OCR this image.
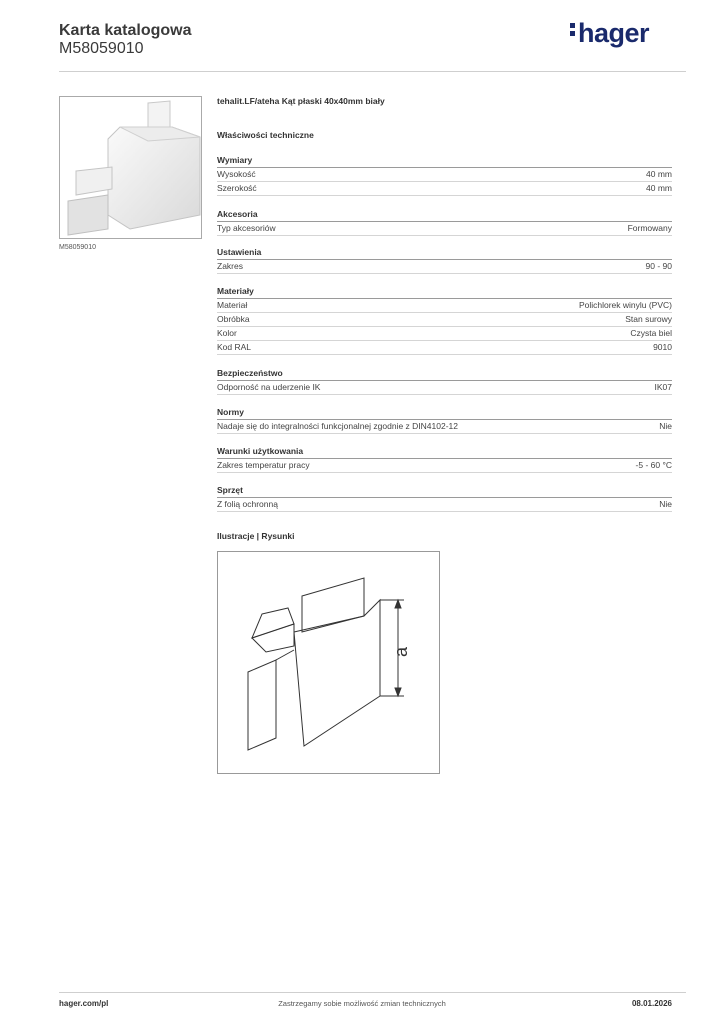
Karta katalogowa
M58059010
hager
M58059010
tehalit.LF/ateha Kąt płaski 40x40mm biały
Właściwości techniczne
Wymiary
Wysokość	40 mm
Szerokość	40 mm
Akcesoria
Typ akcesoriów	Formowany
Ustawienia
Zakres	90 - 90
Materiały
Materiał	Polichlorek winylu (PVC)
Obróbka	Stan surowy
Kolor	Czysta biel
Kod RAL	9010
Bezpieczeństwo
Odporność na uderzenie IK	IK07
Normy
Nadaje się do integralności funkcjonalnej zgodnie z DIN4102-12	Nie
Warunki użytkowania
Zakres temperatur pracy	-5 - 60 °C
Sprzęt
Z folią ochronną	Nie
Ilustracje | Rysunki
a
hager.com/pl	Zastrzegamy sobie możliwość zmian technicznych	08.01.2026
